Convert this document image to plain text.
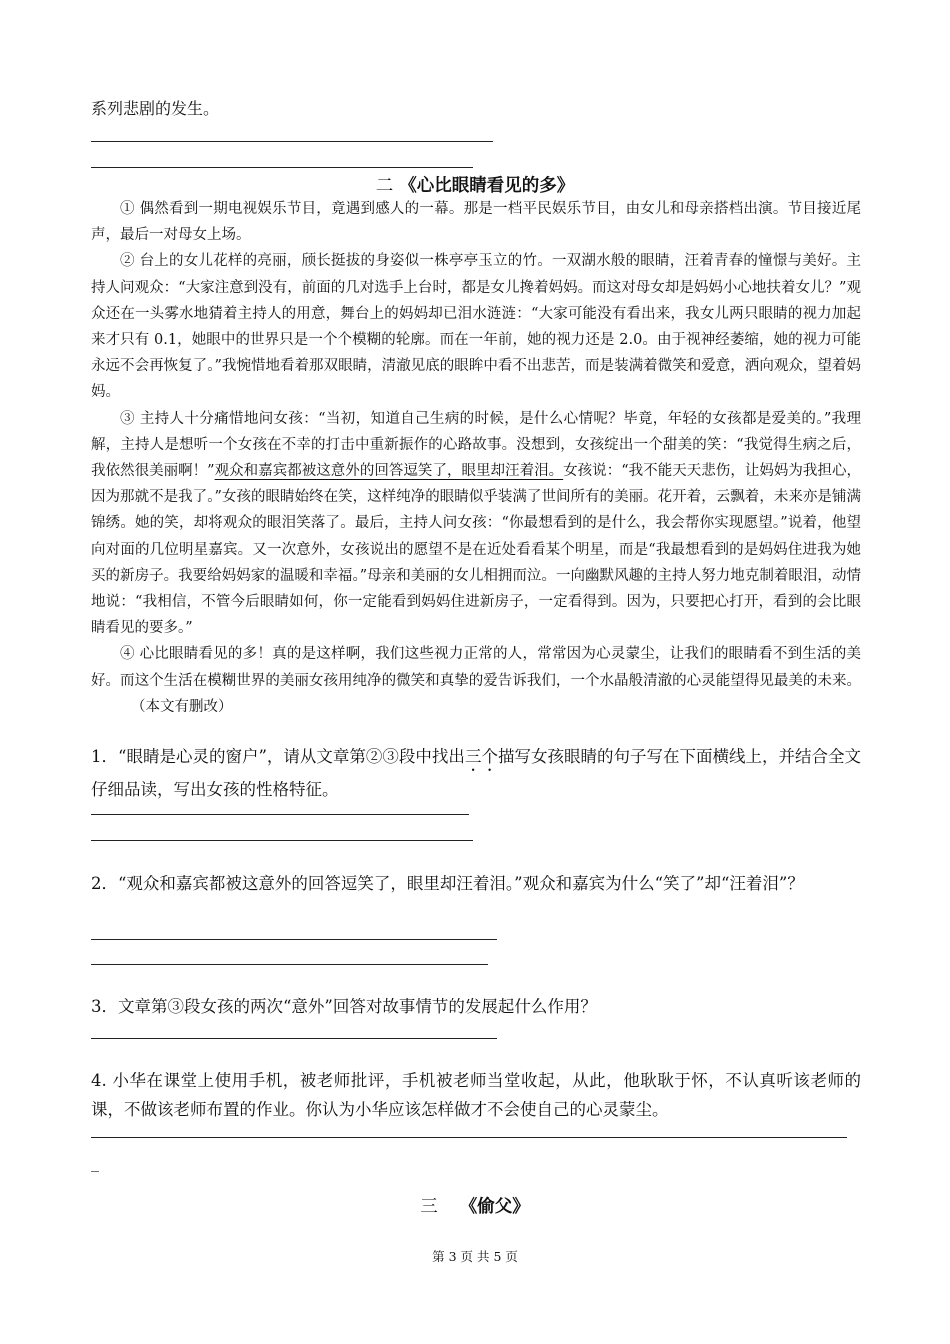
系列悲剧的发生。
二 《心比眼睛看见的多》

① 偶然看到一期电视娱乐节目，竟遇到感人的一幕。那是一档平民娱乐节目，由女儿和母亲搭档出演。节目接近尾声，最后一对母女上场。

② 台上的女儿花样的亮丽，颀长挺拔的身姿似一株亭亭玉立的竹。一双湖水般的眼睛，汪着青春的憧憬与美好。主持人问观众：“大家注意到没有，前面的几对选手上台时，都是女儿搀着妈妈。而这对母女却是妈妈小心地扶着女儿？”观众还在一头雾水地猜着主持人的用意，舞台上的妈妈却已泪水涟涟：“大家可能没有看出来，我女儿两只眼睛的视力加起来才只有 0.1，她眼中的世界只是一个个模糊的轮廓。而在一年前，她的视力还是 2.0。由于视神经萎缩，她的视力可能永远不会再恢复了。”我惋惜地看着那双眼睛，清澈见底的眼眸中看不出悲苦，而是装满着微笑和爱意，洒向观众，望着妈妈。

③ 主持人十分痛惜地问女孩：“当初，知道自己生病的时候，是什么心情呢？毕竟，年轻的女孩都是爱美的。”我理解，主持人是想听一个女孩在不幸的打击中重新振作的心路故事。没想到，女孩绽出一个甜美的笑：“我觉得生病之后，我依然很美丽啊！”观众和嘉宾都被这意外的回答逗笑了，眼里却汪着泪。女孩说：“我不能天天悲伤，让妈妈为我担心，因为那就不是我了。”女孩的眼睛始终在笑，这样纯净的眼睛似乎装满了世间所有的美丽。花开着，云飘着，未来亦是铺满锦绣。她的笑，却将观众的眼泪笑落了。最后，主持人问女孩：“你最想看到的是什么，我会帮你实现愿望。”说着，他望向对面的几位明星嘉宾。又一次意外，女孩说出的愿望不是在近处看看某个明星，而是“我最想看到的是妈妈住进我为她买的新房子。我要给妈妈家的温暖和幸福。”母亲和美丽的女儿相拥而泣。一向幽默风趣的主持人努力地克制着眼泪，动情地说：“我相信，不管今后眼睛如何，你一定能看到妈妈住进新房子，一定看得到。因为，只要把心打开，看到的会比眼睛看见的要多。”

④ 心比眼睛看见的多！真的是这样啊，我们这些视力正常的人，常常因为心灵蒙尘，让我们的眼睛看不到生活的美好。而这个生活在模糊世界的美丽女孩用纯净的微笑和真挚的爱告诉我们，一个水晶般清澈的心灵能望得见最美的未来。（本文有删改）

1．“眼睛是心灵的窗户”，请从文章第②③段中找出三个描写女孩眼睛的句子写在下面横线上，并结合全文仔细品读，写出女孩的性格特征。
2．“观众和嘉宾都被这意外的回答逗笑了，眼里却汪着泪。”观众和嘉宾为什么“笑了”却“汪着泪”？
3．文章第③段女孩的两次“意外”回答对故事情节的发展起什么作用？
4. 小华在课堂上使用手机，被老师批评，手机被老师当堂收起，从此，他耿耿于怀，不认真听该老师的课，不做该老师布置的作业。你认为小华应该怎样做才不会使自己的心灵蒙尘。
_
三 《偷父》
第 3 页 共 5 页
